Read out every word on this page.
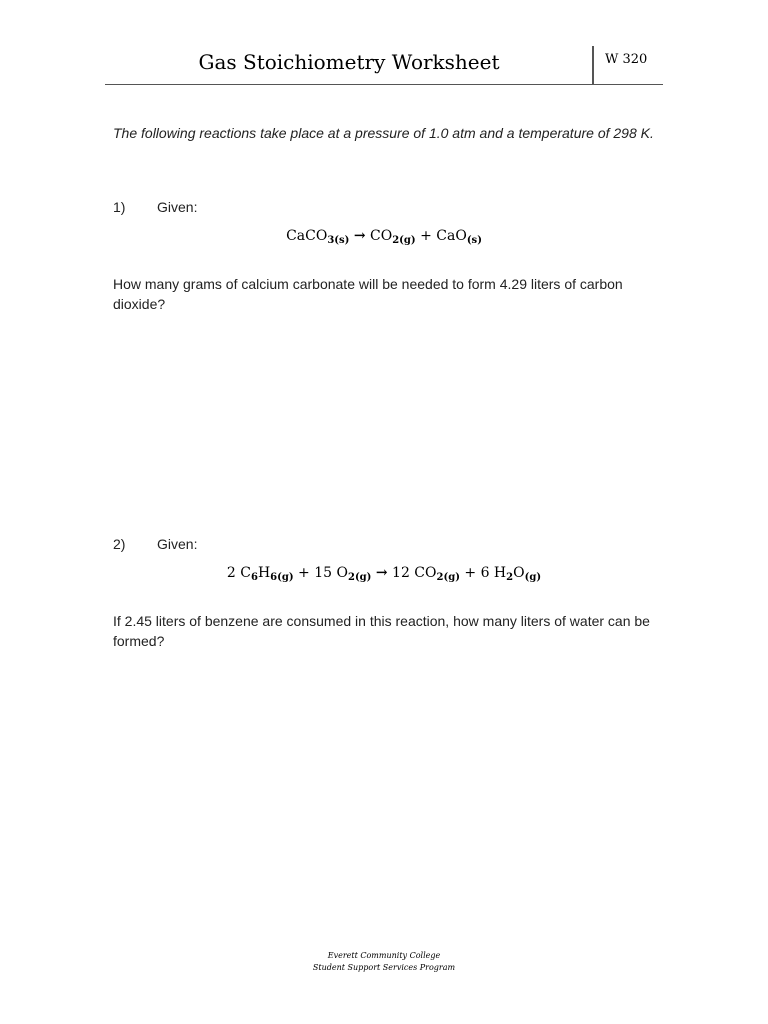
Gas Stoichiometry Worksheet	W 320
The following reactions take place at a pressure of 1.0 atm and a temperature of 298 K.
1) Given:
CaCO$_{3(s)}$ → $CO_{2(g)} + CaO_{(s)}$
How many grams of calcium carbonate will be needed to form 4.29 liters of carbon dioxide?
2) Given:
2 $C_6H_{6(g)} + 15$ $O_{2(g)} \to 12$ $CO_{2(g)} + 6$ $H_2O_{(g)}$
If 2.45 liters of benzene are consumed in this reaction, how many liters of water can be formed?
Everett Community College
Student Support Services Program
